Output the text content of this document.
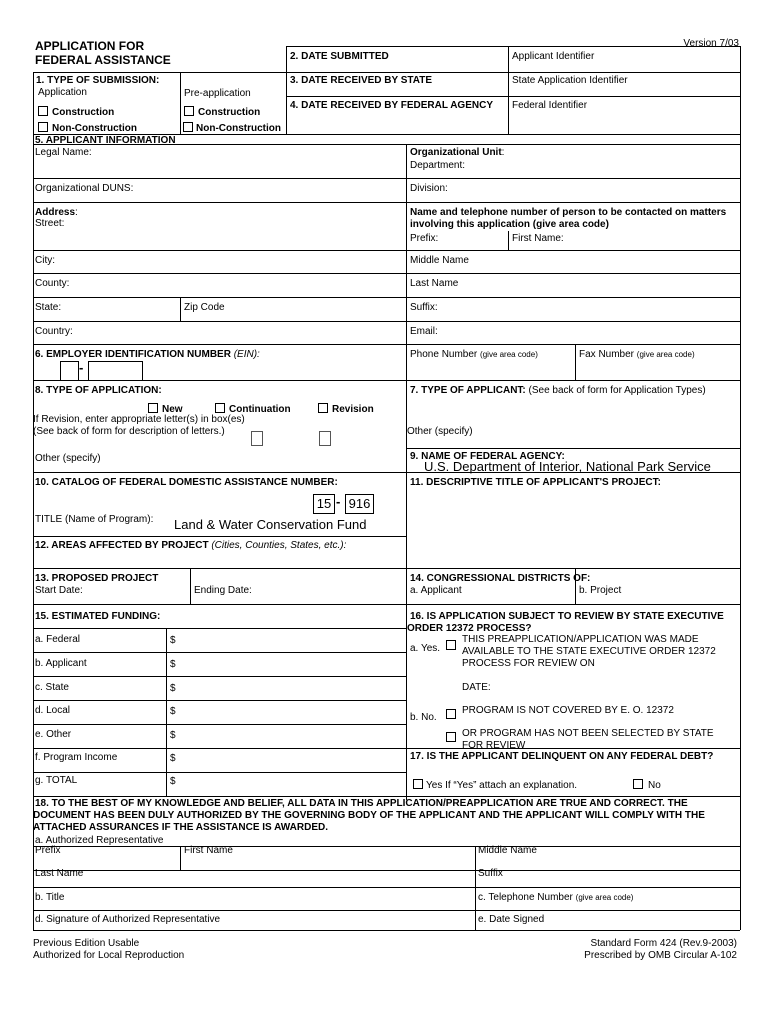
Version 7/03
APPLICATION FOR
FEDERAL ASSISTANCE	2. DATE SUBMITTED	Applicant Identifier
3. DATE RECEIVED BY STATE	State Application Identifier
4. DATE RECEIVED BY FEDERAL AGENCY Federal Identifier
1. TYPE OF SUBMISSION:
Application	Pre-application
Construction	Construction
Non-Construction	Non-Construction
5. APPLICANT INFORMATION
Legal Name:	Organizational Unit:
Department:
Organizational DUNS:	Division:
Address:
Street:
Name and telephone number of person to be contacted on matters
involving this application (give area code)
Prefix:	First Name:
City:	Middle Name
County:	Last Name
State:	Zip Code	Suffix:
Country:	Email:
6. EMPLOYER IDENTIFICATION NUMBER (EIN):
-
Phone Number (give area code)	Fax Number (give area code)
8. TYPE OF APPLICATION:
New	Continuation	Revision
If Revision, enter appropriate letter(s) in box(es)
(See back of form for description of letters.)
Other (specify)
7. TYPE OF APPLICANT: (See back of form for Application Types)
Other (specify)
9. NAME OF FEDERAL AGENCY:
U.S. Department of Interior, National Park Service
10. CATALOG OF FEDERAL DOMESTIC ASSISTANCE NUMBER:
15 - 916
TITLE (Name of Program): Land & Water Conservation Fund
11. DESCRIPTIVE TITLE OF APPLICANT'S PROJECT:
12. AREAS AFFECTED BY PROJECT (Cities, Counties, States, etc.):
13. PROPOSED PROJECT
Start Date:	Ending Date:
14. CONGRESSIONAL DISTRICTS OF:
a. Applicant	b. Project
15. ESTIMATED FUNDING:
a. Federal	$
b. Applicant	$
c. State	$
d. Local	$
e. Other	$
f. Program Income	$
g. TOTAL	$
16. IS APPLICATION SUBJECT TO REVIEW BY STATE EXECUTIVE
ORDER 12372 PROCESS?
a. Yes.
THIS PREAPPLICATION/APPLICATION WAS MADE
AVAILABLE TO THE STATE EXECUTIVE ORDER 12372
PROCESS FOR REVIEW ON
DATE:
b. No.
PROGRAM IS NOT COVERED BY E. O. 12372
OR PROGRAM HAS NOT BEEN SELECTED BY STATE
FOR REVIEW
17. IS THE APPLICANT DELINQUENT ON ANY FEDERAL DEBT?
Yes If “Yes” attach an explanation.	No
18. TO THE BEST OF MY KNOWLEDGE AND BELIEF, ALL DATA IN THIS APPLICATION/PREAPPLICATION ARE TRUE AND CORRECT. THE
DOCUMENT HAS BEEN DULY AUTHORIZED BY THE GOVERNING BODY OF THE APPLICANT AND THE APPLICANT WILL COMPLY WITH THE
ATTACHED ASSURANCES IF THE ASSISTANCE IS AWARDED.
a. Authorized Representative
Prefix	First Name	Middle Name
Last Name	Suffix
b. Title	c. Telephone Number (give area code)
d. Signature of Authorized Representative	e. Date Signed
Previous Edition Usable
Authorized for Local Reproduction
Standard Form 424 (Rev.9-2003)
Prescribed by OMB Circular A-102
